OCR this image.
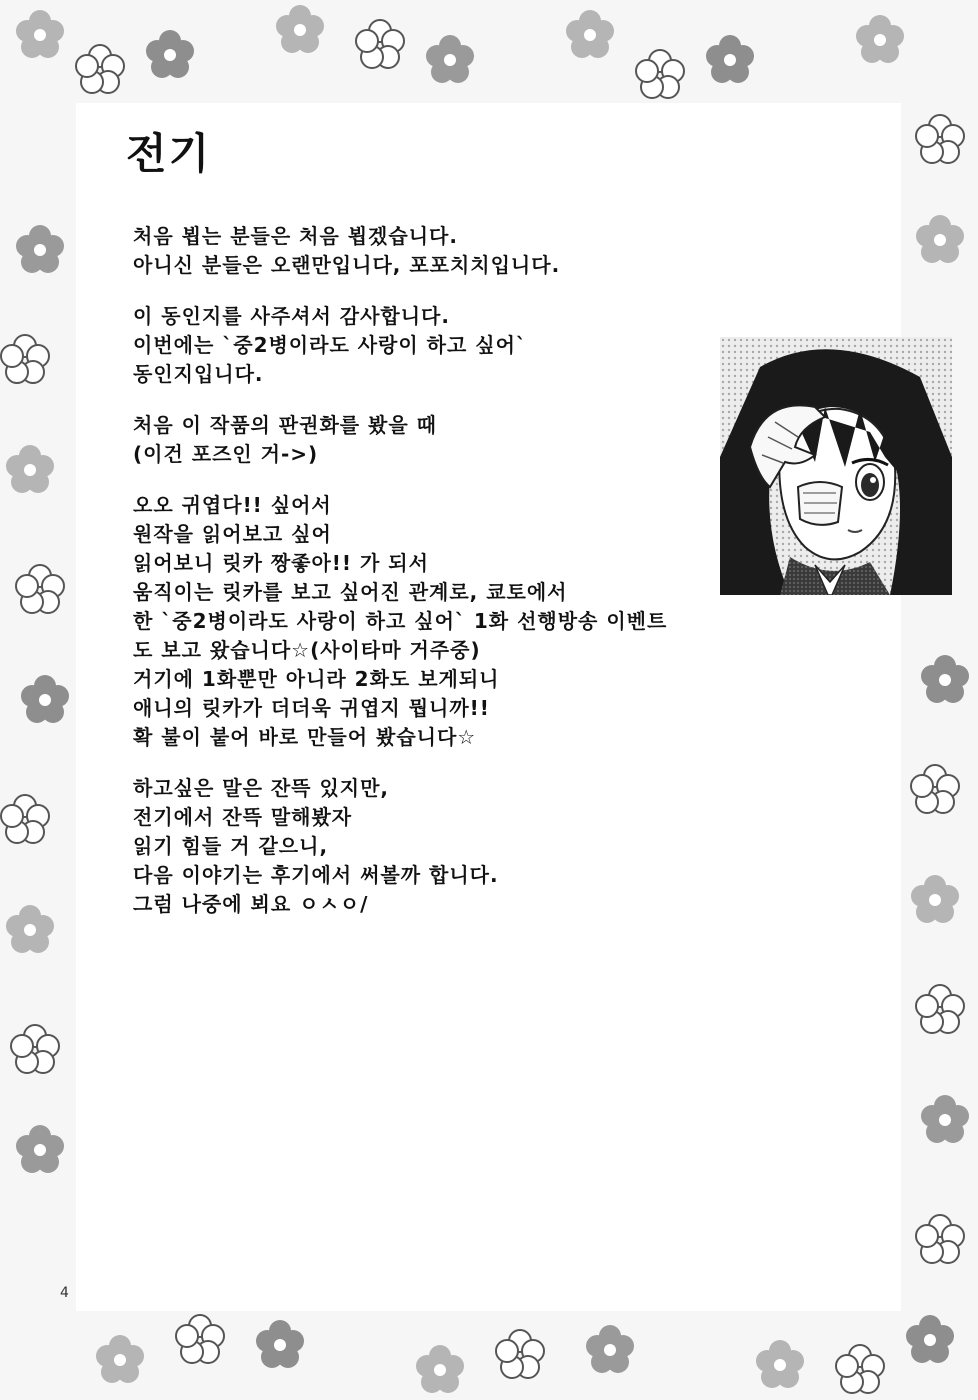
전기

처음 뵙는 분들은 처음 뵙겠습니다.
아니신 분들은 오랜만입니다, 포포치치입니다.

이 동인지를 사주셔서 감사합니다.
이번에는 `중2병이라도 사랑이 하고 싶어`
동인지입니다.

처음 이 작품의 판권화를 봤을 때
(이건 포즈인 거->)

오오 귀엽다!! 싶어서
원작을 읽어보고 싶어
읽어보니 릿카 짱좋아!! 가 되서
움직이는 릿카를 보고 싶어진 관계로, 쿄토에서
한 `중2병이라도 사랑이 하고 싶어` 1화 선행방송 이벤트
도 보고 왔습니다☆(사이타마 거주중)
거기에 1화뿐만 아니라 2화도 보게되니
애니의 릿카가 더더욱 귀엽지 뭡니까!!
확 불이 붙어 바로 만들어 봤습니다☆

하고싶은 말은 잔뜩 있지만,
전기에서 잔뜩 말해봤자
읽기 힘들 거 같으니,
다음 이야기는 후기에서 써볼까 합니다.
그럼 나중에 뵈요 ㅇㅅㅇ/

4
